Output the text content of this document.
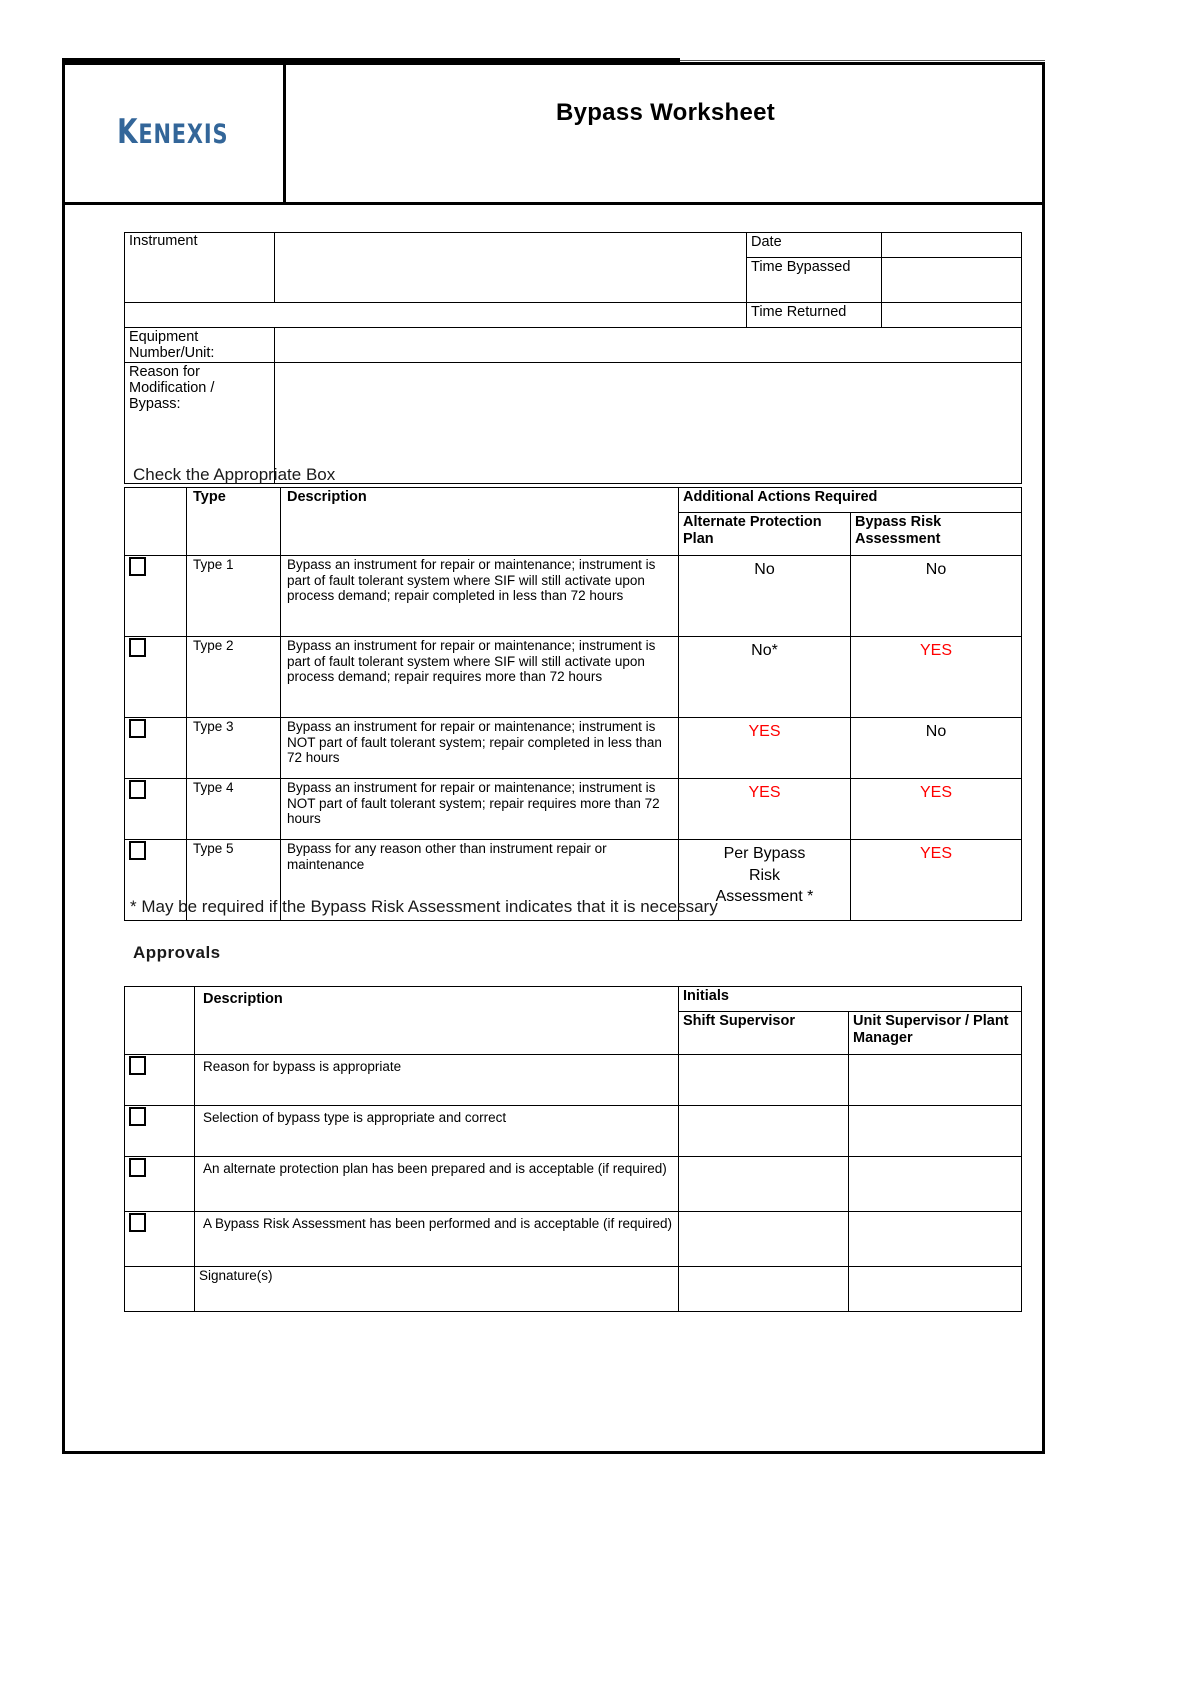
KENEXIS
Bypass Worksheet
Instrument		Date	
		Time Bypassed	
		Time Returned	
Equipment Number/Unit:			
Reason for Modification / Bypass:			
Check the Appropriate Box
	Type	Description	Additional Actions Required	
			Alternate Protection Plan	Bypass Risk Assessment
	Type 1	Bypass an instrument for repair or maintenance; instrument is part of fault tolerant system where SIF will still activate upon process demand; repair completed in less than 72 hours	No	No
	Type 2	Bypass an instrument for repair or maintenance; instrument is part of fault tolerant system where SIF will still activate upon process demand; repair requires more than 72 hours	No*	YES
	Type 3	Bypass an instrument for repair or maintenance; instrument is NOT part of fault tolerant system; repair completed in less than 72 hours	YES	No
	Type 4	Bypass an instrument for repair or maintenance; instrument is NOT part of fault tolerant system; repair requires more than 72 hours	YES	YES
	Type 5	Bypass for any reason other than instrument repair or maintenance	Per Bypass Risk Assessment *	YES
* May be required if the Bypass Risk Assessment indicates that it is necessary
Approvals
	Description	Initials	
		Shift Supervisor	Unit Supervisor / Plant Manager
	Reason for bypass is appropriate		
	Selection of bypass type is appropriate and correct		
	An alternate protection plan has been prepared and is acceptable (if required)		
	A Bypass Risk Assessment has been performed and is acceptable (if required)		
	Signature(s)		
